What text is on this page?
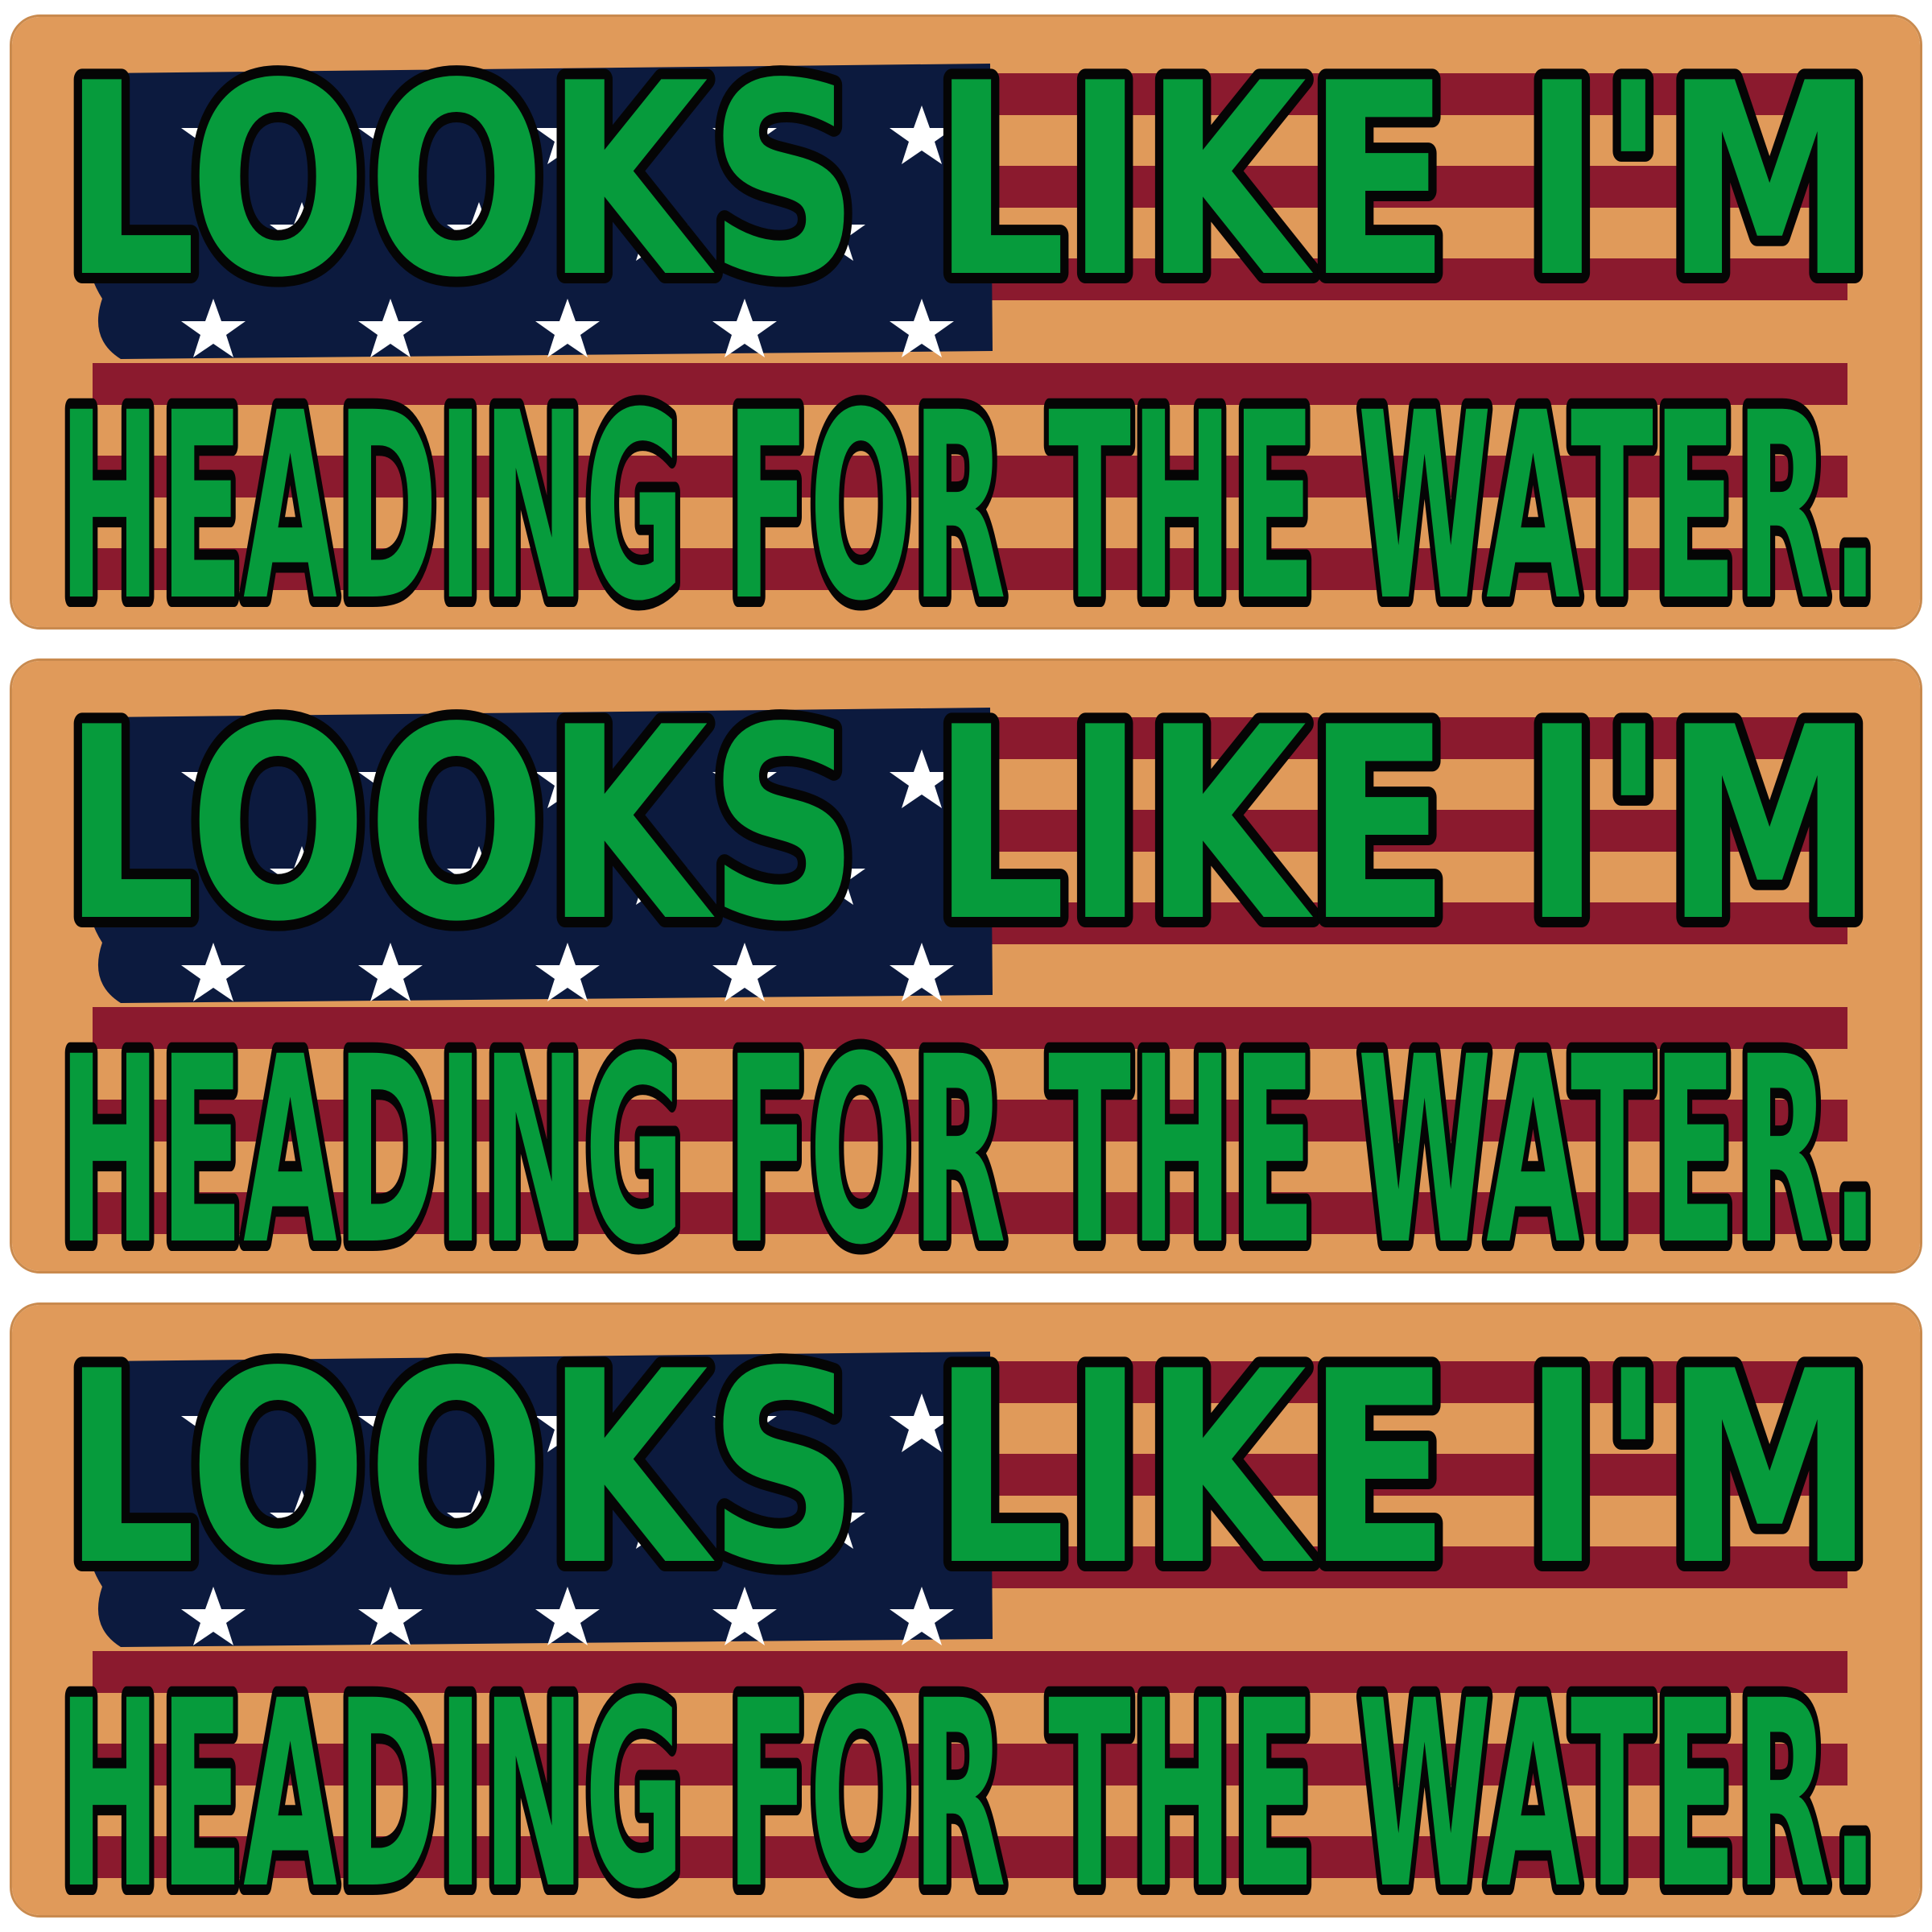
LOOKS LIKE I'M
HEADING FOR THE WATER.
LOOKS LIKE I'M
HEADING FOR THE WATER.
LOOKS LIKE I'M
HEADING FOR THE WATER.
